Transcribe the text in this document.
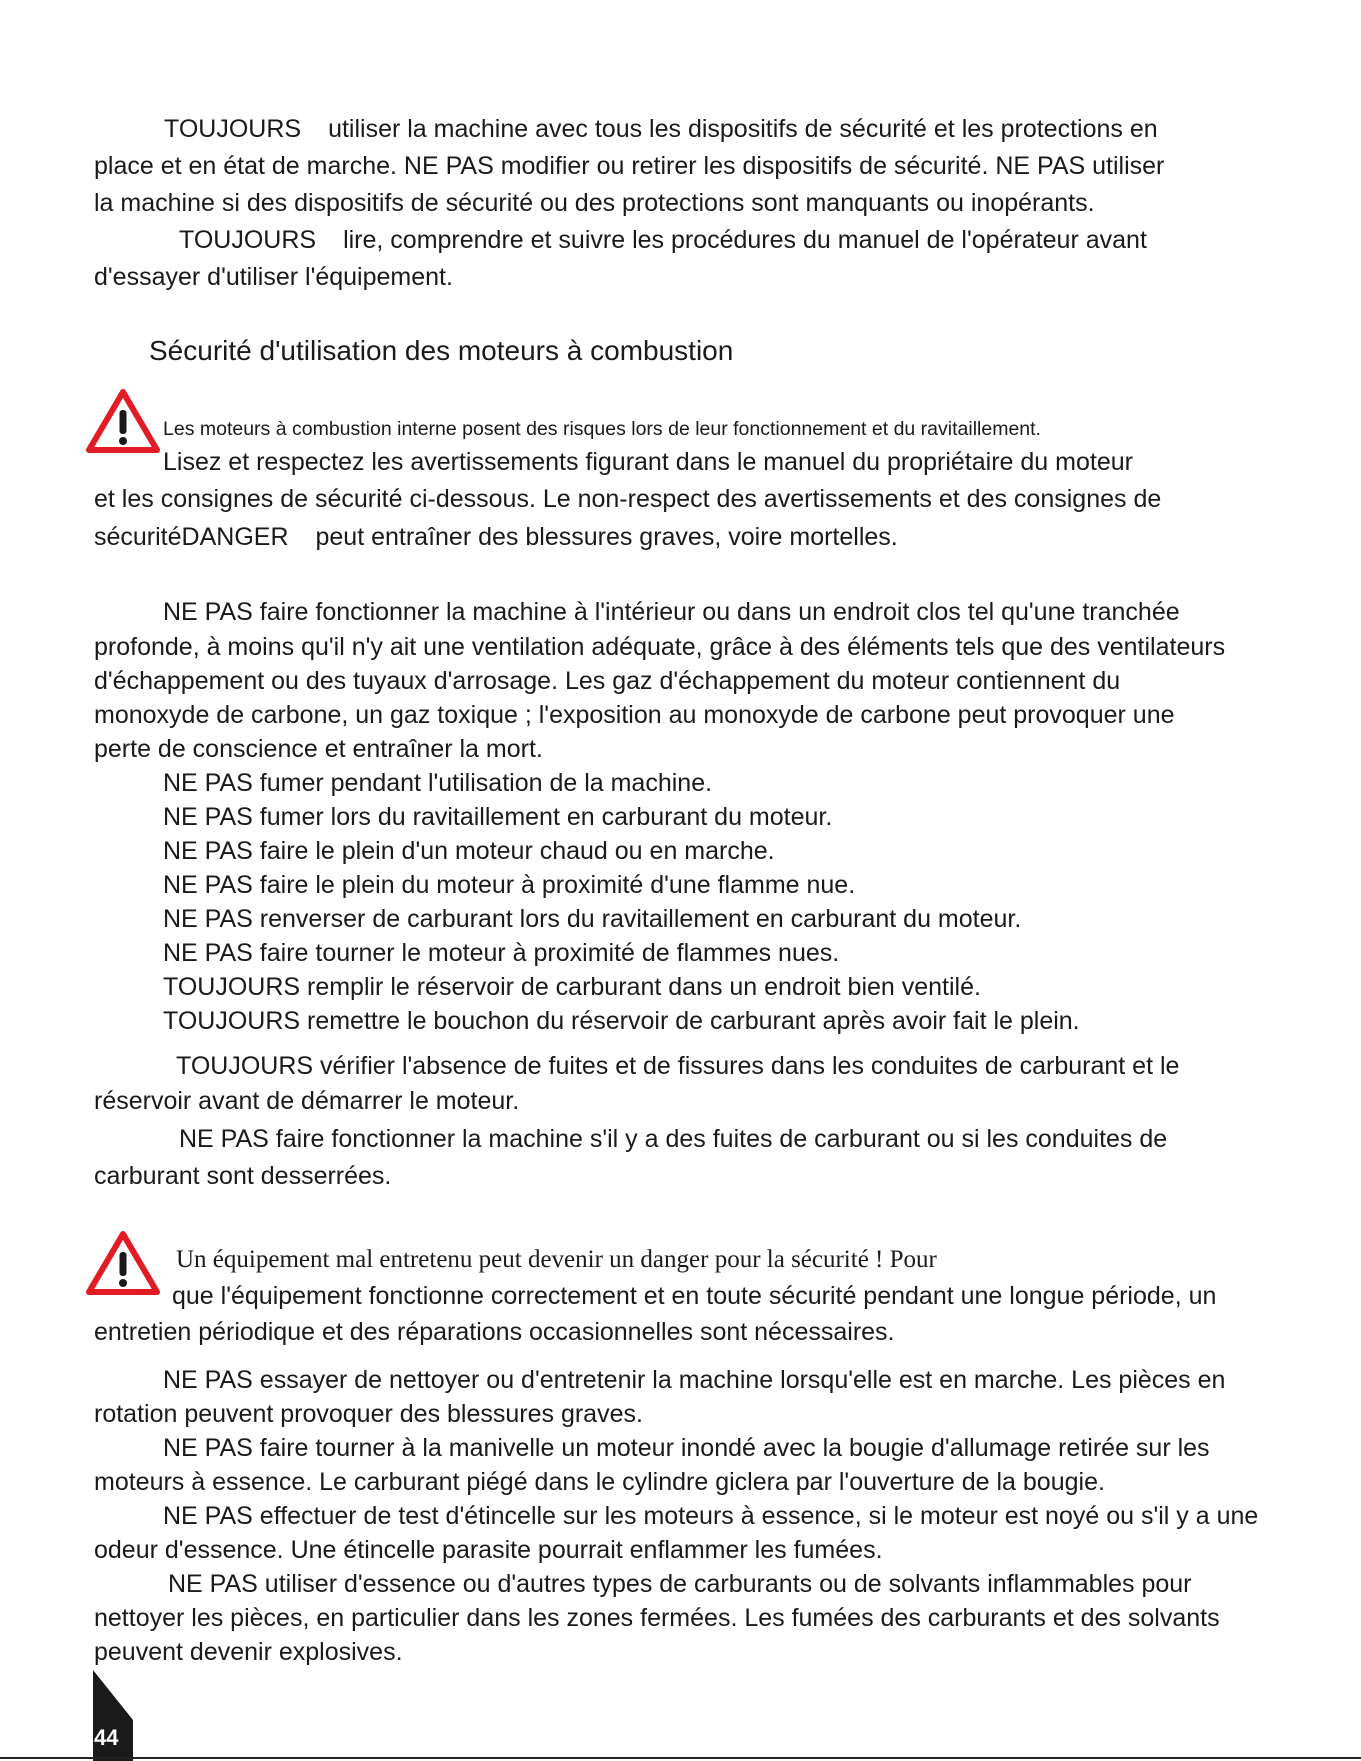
TOUJOURS utiliser la machine avec tous les dispositifs de sécurité et les protections en
place et en état de marche. NE PAS modifier ou retirer les dispositifs de sécurité. NE PAS utiliser
la machine si des dispositifs de sécurité ou des protections sont manquants ou inopérants.
TOUJOURS lire, comprendre et suivre les procédures du manuel de l'opérateur avant
d'essayer d'utiliser l'équipement.
Sécurité d'utilisation des moteurs à combustion
Les moteurs à combustion interne posent des risques lors de leur fonctionnement et du ravitaillement.
Lisez et respectez les avertissements figurant dans le manuel du propriétaire du moteur
et les consignes de sécurité ci-dessous. Le non-respect des avertissements et des consignes de
sécuritéDANGER peut entraîner des blessures graves, voire mortelles.
NE PAS faire fonctionner la machine à l'intérieur ou dans un endroit clos tel qu'une tranchée
profonde, à moins qu'il n'y ait une ventilation adéquate, grâce à des éléments tels que des ventilateurs
d'échappement ou des tuyaux d'arrosage. Les gaz d'échappement du moteur contiennent du
monoxyde de carbone, un gaz toxique ; l'exposition au monoxyde de carbone peut provoquer une
perte de conscience et entraîner la mort.
NE PAS fumer pendant l'utilisation de la machine.
NE PAS fumer lors du ravitaillement en carburant du moteur.
NE PAS faire le plein d'un moteur chaud ou en marche.
NE PAS faire le plein du moteur à proximité d'une flamme nue.
NE PAS renverser de carburant lors du ravitaillement en carburant du moteur.
NE PAS faire tourner le moteur à proximité de flammes nues.
TOUJOURS remplir le réservoir de carburant dans un endroit bien ventilé.
TOUJOURS remettre le bouchon du réservoir de carburant après avoir fait le plein.
TOUJOURS vérifier l'absence de fuites et de fissures dans les conduites de carburant et le
réservoir avant de démarrer le moteur.
NE PAS faire fonctionner la machine s'il y a des fuites de carburant ou si les conduites de
carburant sont desserrées.
Un équipement mal entretenu peut devenir un danger pour la sécurité ! Pour
que l'équipement fonctionne correctement et en toute sécurité pendant une longue période, un
entretien périodique et des réparations occasionnelles sont nécessaires.
NE PAS essayer de nettoyer ou d'entretenir la machine lorsqu'elle est en marche. Les pièces en
rotation peuvent provoquer des blessures graves.
NE PAS faire tourner à la manivelle un moteur inondé avec la bougie d'allumage retirée sur les
moteurs à essence. Le carburant piégé dans le cylindre giclera par l'ouverture de la bougie.
NE PAS effectuer de test d'étincelle sur les moteurs à essence, si le moteur est noyé ou s'il y a une
odeur d'essence. Une étincelle parasite pourrait enflammer les fumées.
NE PAS utiliser d'essence ou d'autres types de carburants ou de solvants inflammables pour
nettoyer les pièces, en particulier dans les zones fermées. Les fumées des carburants et des solvants
peuvent devenir explosives.
44
